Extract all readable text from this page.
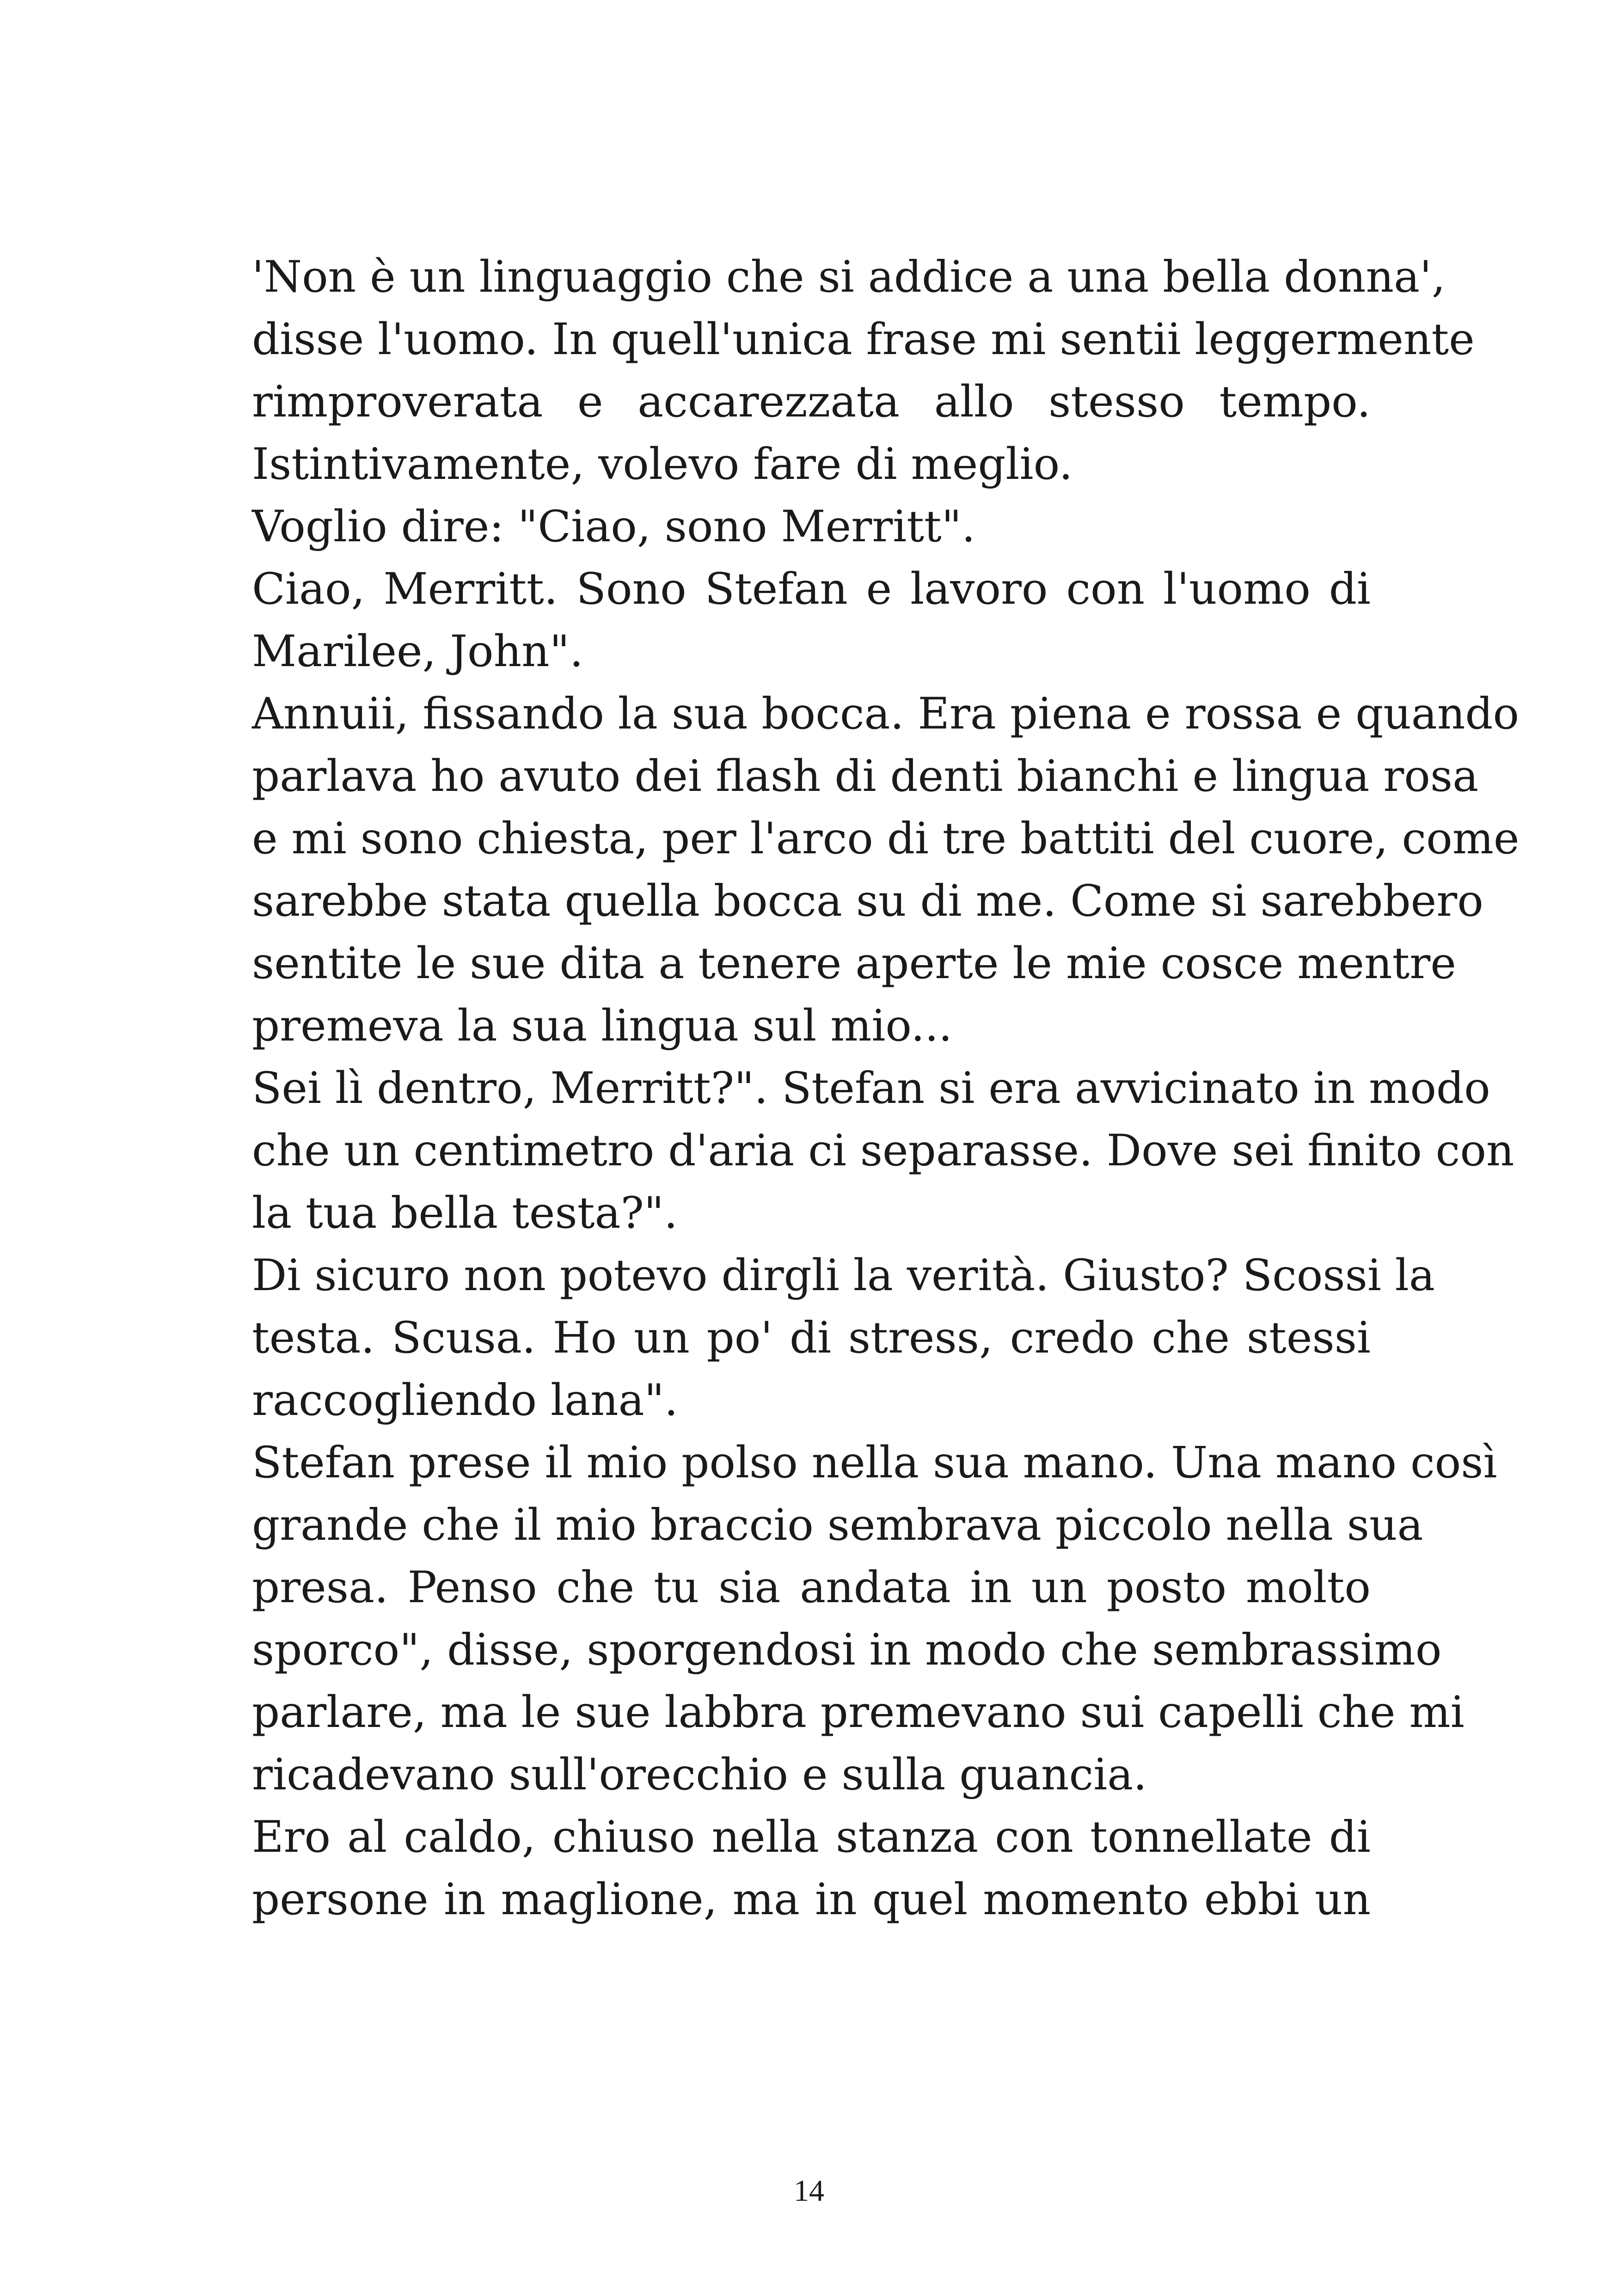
'Non è un linguaggio che si addice a una bella donna',
disse l'uomo. In quell'unica frase mi sentii leggermente
rimproverata e accarezzata allo stesso tempo.
Istintivamente, volevo fare di meglio.

Voglio dire: "Ciao, sono Merritt".

Ciao, Merritt. Sono Stefan e lavoro con l'uomo di
Marilee, John".

Annuii, fissando la sua bocca. Era piena e rossa e quando
parlava ho avuto dei flash di denti bianchi e lingua rosa
e mi sono chiesta, per l'arco di tre battiti del cuore, come
sarebbe stata quella bocca su di me. Come si sarebbero
sentite le sue dita a tenere aperte le mie cosce mentre
premeva la sua lingua sul mio...

Sei lì dentro, Merritt?". Stefan si era avvicinato in modo
che un centimetro d'aria ci separasse. Dove sei finito con
la tua bella testa?".

Di sicuro non potevo dirgli la verità. Giusto? Scossi la
testa. Scusa. Ho un po' di stress, credo che stessi
raccogliendo lana".

Stefan prese il mio polso nella sua mano. Una mano così
grande che il mio braccio sembrava piccolo nella sua
presa. Penso che tu sia andata in un posto molto
sporco", disse, sporgendosi in modo che sembrassimo
parlare, ma le sue labbra premevano sui capelli che mi
ricadevano sull'orecchio e sulla guancia.

Ero al caldo, chiuso nella stanza con tonnellate di
persone in maglione, ma in quel momento ebbi un

14
